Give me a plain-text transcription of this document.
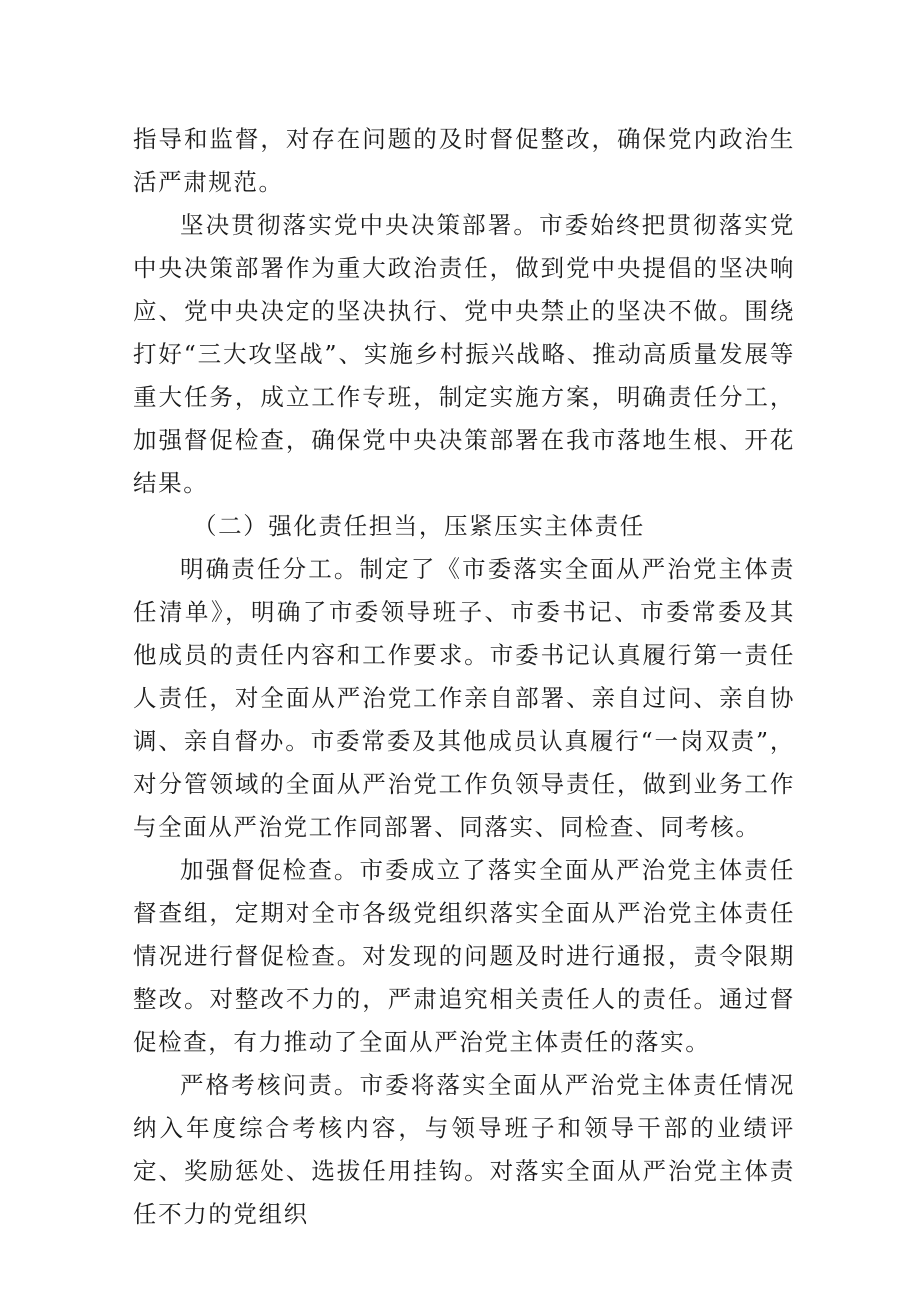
指导和监督，对存在问题的及时督促整改，确保党内政治生活严肃规范。

坚决贯彻落实党中央决策部署。市委始终把贯彻落实党中央决策部署作为重大政治责任，做到党中央提倡的坚决响应、党中央决定的坚决执行、党中央禁止的坚决不做。围绕打好“三大攻坚战”、实施乡村振兴战略、推动高质量发展等重大任务，成立工作专班，制定实施方案，明确责任分工，加强督促检查，确保党中央决策部署在我市落地生根、开花结果。

（二）强化责任担当，压紧压实主体责任

明确责任分工。制定了《市委落实全面从严治党主体责任清单》，明确了市委领导班子、市委书记、市委常委及其他成员的责任内容和工作要求。市委书记认真履行第一责任人责任，对全面从严治党工作亲自部署、亲自过问、亲自协调、亲自督办。市委常委及其他成员认真履行“一岗双责”，对分管领域的全面从严治党工作负领导责任，做到业务工作与全面从严治党工作同部署、同落实、同检查、同考核。

加强督促检查。市委成立了落实全面从严治党主体责任督查组，定期对全市各级党组织落实全面从严治党主体责任情况进行督促检查。对发现的问题及时进行通报，责令限期整改。对整改不力的，严肃追究相关责任人的责任。通过督促检查，有力推动了全面从严治党主体责任的落实。

严格考核问责。市委将落实全面从严治党主体责任情况纳入年度综合考核内容，与领导班子和领导干部的业绩评定、奖励惩处、选拔任用挂钩。对落实全面从严治党主体责任不力的党组织
